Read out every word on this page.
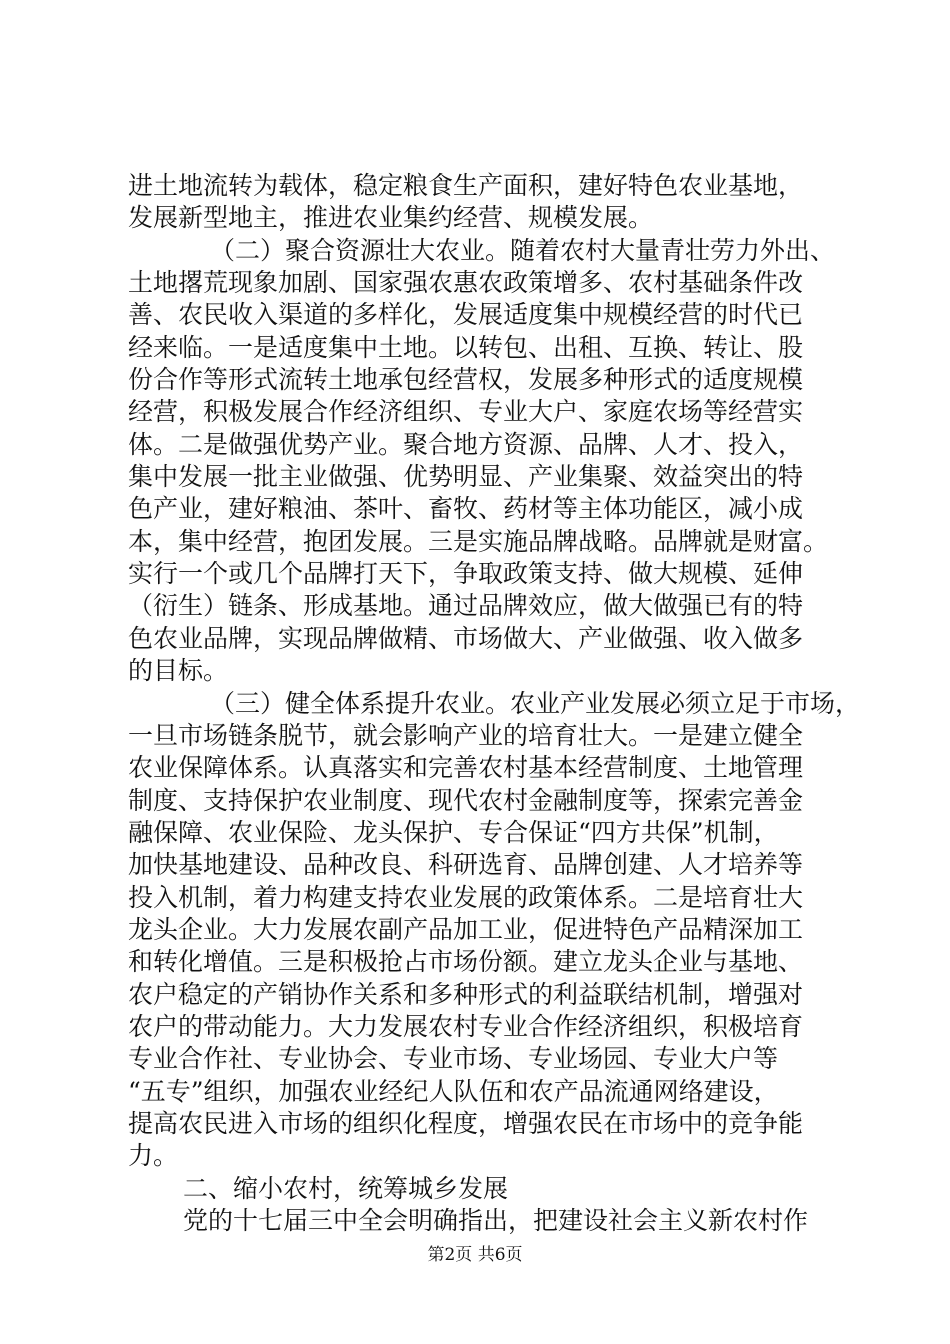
进土地流转为载体，稳定粮食生产面积，建好特色农业基地，
发展新型地主，推进农业集约经营、规模发展。
（二）聚合资源壮大农业。随着农村大量青壮劳力外出、
土地撂荒现象加剧、国家强农惠农政策增多、农村基础条件改
善、农民收入渠道的多样化，发展适度集中规模经营的时代已
经来临。一是适度集中土地。以转包、出租、互换、转让、股
份合作等形式流转土地承包经营权，发展多种形式的适度规模
经营，积极发展合作经济组织、专业大户、家庭农场等经营实
体。二是做强优势产业。聚合地方资源、品牌、人才、投入，
集中发展一批主业做强、优势明显、产业集聚、效益突出的特
色产业，建好粮油、茶叶、畜牧、药材等主体功能区，减小成
本，集中经营，抱团发展。三是实施品牌战略。品牌就是财富。
实行一个或几个品牌打天下，争取政策支持、做大规模、延伸
（衍生）链条、形成基地。通过品牌效应，做大做强已有的特
色农业品牌，实现品牌做精、市场做大、产业做强、收入做多
的目标。
（三）健全体系提升农业。农业产业发展必须立足于市场，
一旦市场链条脱节，就会影响产业的培育壮大。一是建立健全
农业保障体系。认真落实和完善农村基本经营制度、土地管理
制度、支持保护农业制度、现代农村金融制度等，探索完善金
融保障、农业保险、龙头保护、专合保证“四方共保”机制，
加快基地建设、品种改良、科研选育、品牌创建、人才培养等
投入机制，着力构建支持农业发展的政策体系。二是培育壮大
龙头企业。大力发展农副产品加工业，促进特色产品精深加工
和转化增值。三是积极抢占市场份额。建立龙头企业与基地、
农户稳定的产销协作关系和多种形式的利益联结机制，增强对
农户的带动能力。大力发展农村专业合作经济组织，积极培育
专业合作社、专业协会、专业市场、专业场园、专业大户等
“五专”组织，加强农业经纪人队伍和农产品流通网络建设，
提高农民进入市场的组织化程度，增强农民在市场中的竞争能
力。
二、缩小农村，统筹城乡发展
党的十七届三中全会明确指出，把建设社会主义新农村作
第2页 共6页
